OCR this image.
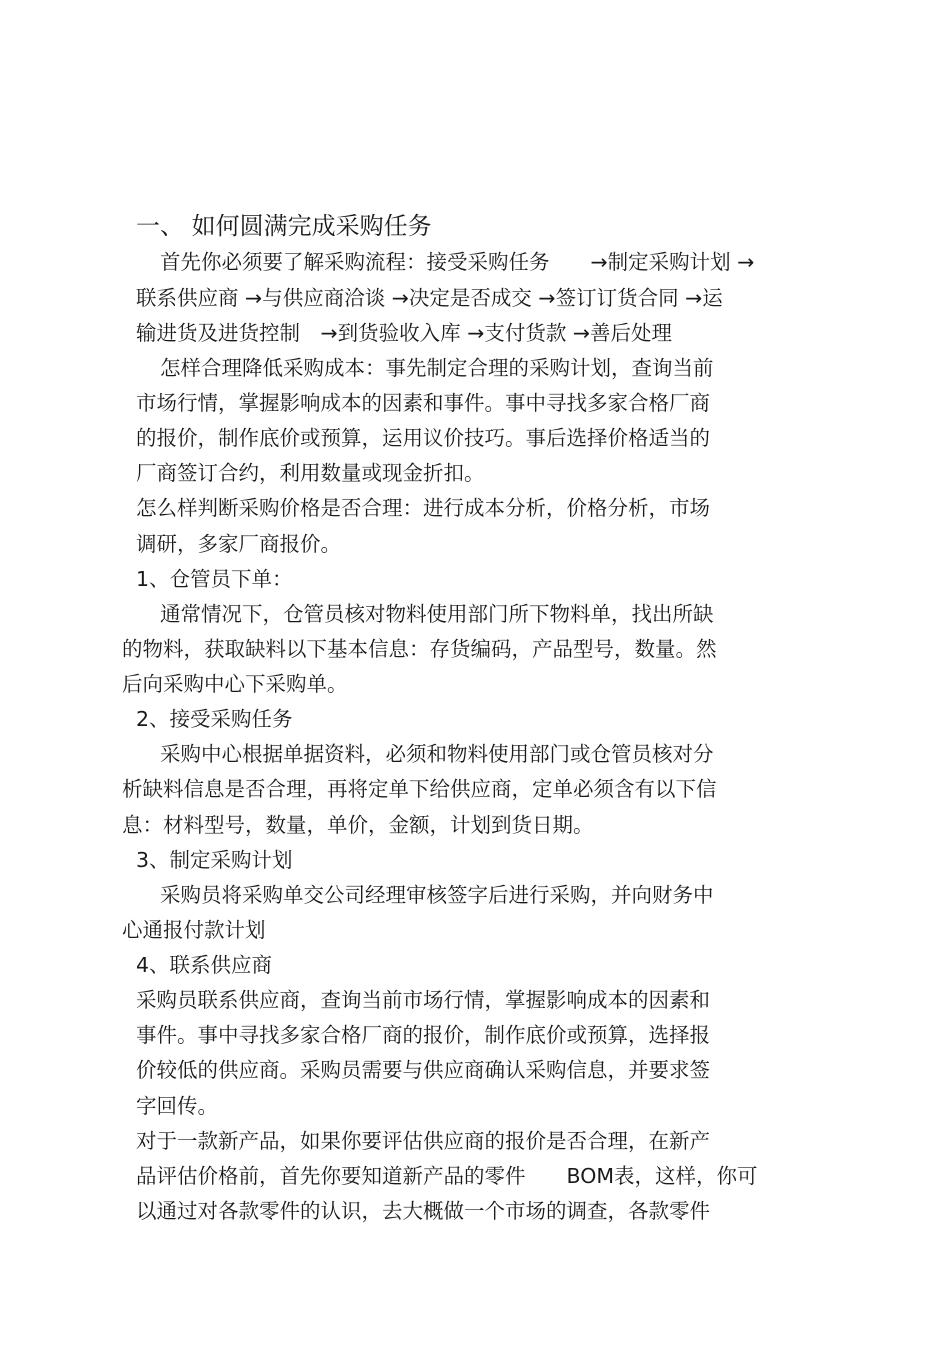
一、 如何圆满完成采购任务

首先你必须要了解采购流程：接受采购任务　　→制定采购计划 →

联系供应商 →与供应商洽谈 →决定是否成交 →签订订货合同 →运

输进货及进货控制　→到货验收入库 →支付货款 →善后处理

怎样合理降低采购成本：事先制定合理的采购计划，查询当前

市场行情，掌握影响成本的因素和事件。事中寻找多家合格厂商

的报价，制作底价或预算，运用议价技巧。事后选择价格适当的

厂商签订合约，利用数量或现金折扣。

怎么样判断采购价格是否合理：进行成本分析，价格分析，市场

调研，多家厂商报价。

1、仓管员下单：

通常情况下，仓管员核对物料使用部门所下物料单，找出所缺

的物料，获取缺料以下基本信息：存货编码，产品型号，数量。然

后向采购中心下采购单。

2、接受采购任务

采购中心根据单据资料，必须和物料使用部门或仓管员核对分

析缺料信息是否合理，再将定单下给供应商，定单必须含有以下信

息：材料型号，数量，单价，金额，计划到货日期。

3、制定采购计划

采购员将采购单交公司经理审核签字后进行采购，并向财务中

心通报付款计划

4、联系供应商

采购员联系供应商，查询当前市场行情，掌握影响成本的因素和

事件。事中寻找多家合格厂商的报价，制作底价或预算，选择报

价较低的供应商。采购员需要与供应商确认采购信息，并要求签

字回传。

对于一款新产品，如果你要评估供应商的报价是否合理，在新产

品评估价格前，首先你要知道新产品的零件　　BOM表，这样，你可

以通过对各款零件的认识，去大概做一个市场的调查，各款零件
